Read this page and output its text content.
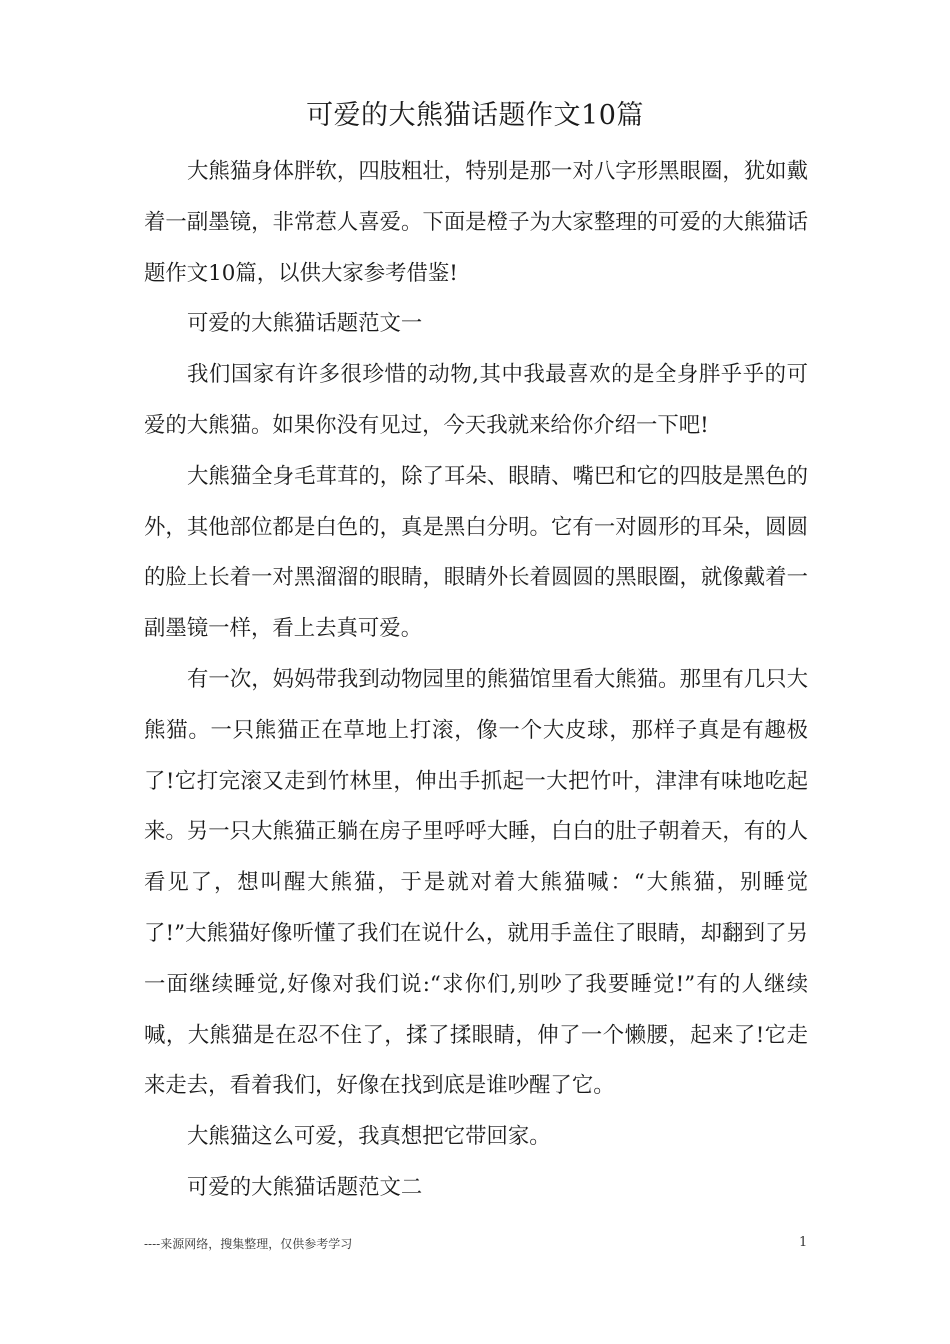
可爱的大熊猫话题作文10篇

大熊猫身体胖软，四肢粗壮，特别是那一对八字形黑眼圈，犹如戴着一副墨镜，非常惹人喜爱。下面是橙子为大家整理的可爱的大熊猫话题作文10篇，以供大家参考借鉴!

可爱的大熊猫话题范文一

我们国家有许多很珍惜的动物,其中我最喜欢的是全身胖乎乎的可爱的大熊猫。如果你没有见过，今天我就来给你介绍一下吧!

大熊猫全身毛茸茸的，除了耳朵、眼睛、嘴巴和它的四肢是黑色的外，其他部位都是白色的，真是黑白分明。它有一对圆形的耳朵，圆圆的脸上长着一对黑溜溜的眼睛，眼睛外长着圆圆的黑眼圈，就像戴着一副墨镜一样，看上去真可爱。

有一次，妈妈带我到动物园里的熊猫馆里看大熊猫。那里有几只大熊猫。一只熊猫正在草地上打滚，像一个大皮球，那样子真是有趣极了!它打完滚又走到竹林里，伸出手抓起一大把竹叶，津津有味地吃起来。另一只大熊猫正躺在房子里呼呼大睡，白白的肚子朝着天，有的人看见了，想叫醒大熊猫，于是就对着大熊猫喊：“大熊猫，别睡觉了!”大熊猫好像听懂了我们在说什么，就用手盖住了眼睛，却翻到了另一面继续睡觉,好像对我们说:“求你们,别吵了我要睡觉!”有的人继续喊，大熊猫是在忍不住了，揉了揉眼睛，伸了一个懒腰，起来了!它走来走去，看着我们，好像在找到底是谁吵醒了它。

大熊猫这么可爱，我真想把它带回家。

可爱的大熊猫话题范文二

----来源网络，搜集整理，仅供参考学习	1
